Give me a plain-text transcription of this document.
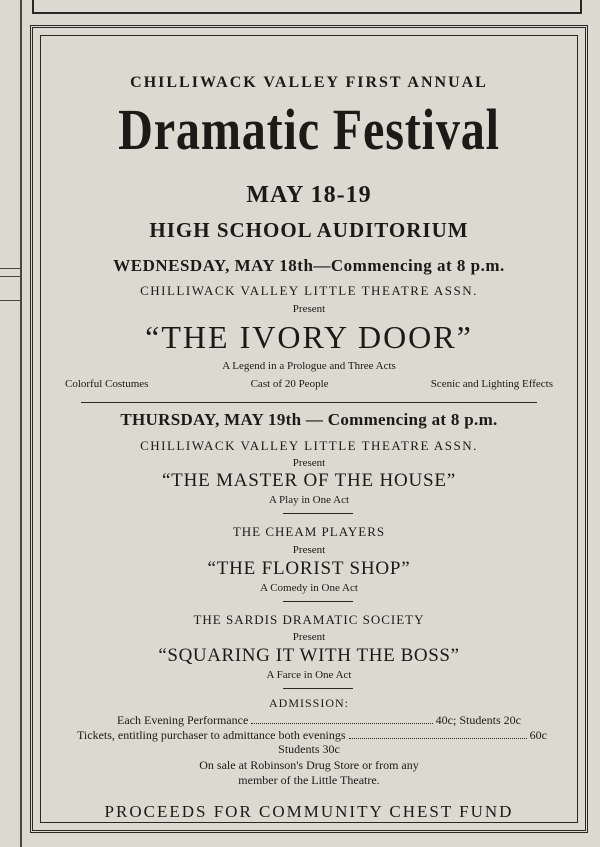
CHILLIWACK VALLEY FIRST ANNUAL
Dramatic Festival
MAY 18-19
HIGH SCHOOL AUDITORIUM
WEDNESDAY, MAY 18th—Commencing at 8 p.m.
CHILLIWACK VALLEY LITTLE THEATRE ASSN.
Present
“THE IVORY DOOR”
A Legend in a Prologue and Three Acts
Colorful Costumes	Cast of 20 People	Scenic and Lighting Effects
THURSDAY, MAY 19th — Commencing at 8 p.m.
CHILLIWACK VALLEY LITTLE THEATRE ASSN.
Present
“THE MASTER OF THE HOUSE”
A Play in One Act
THE CHEAM PLAYERS
Present
“THE FLORIST SHOP”
A Comedy in One Act
THE SARDIS DRAMATIC SOCIETY
Present
“SQUARING IT WITH THE BOSS”
A Farce in One Act
ADMISSION:
Each Evening Performance	40c; Students 20c
Tickets, entitling purchaser to admittance both evenings	60c
Students 30c
On sale at Robinson's Drug Store or from any
member of the Little Theatre.
PROCEEDS FOR COMMUNITY CHEST FUND
